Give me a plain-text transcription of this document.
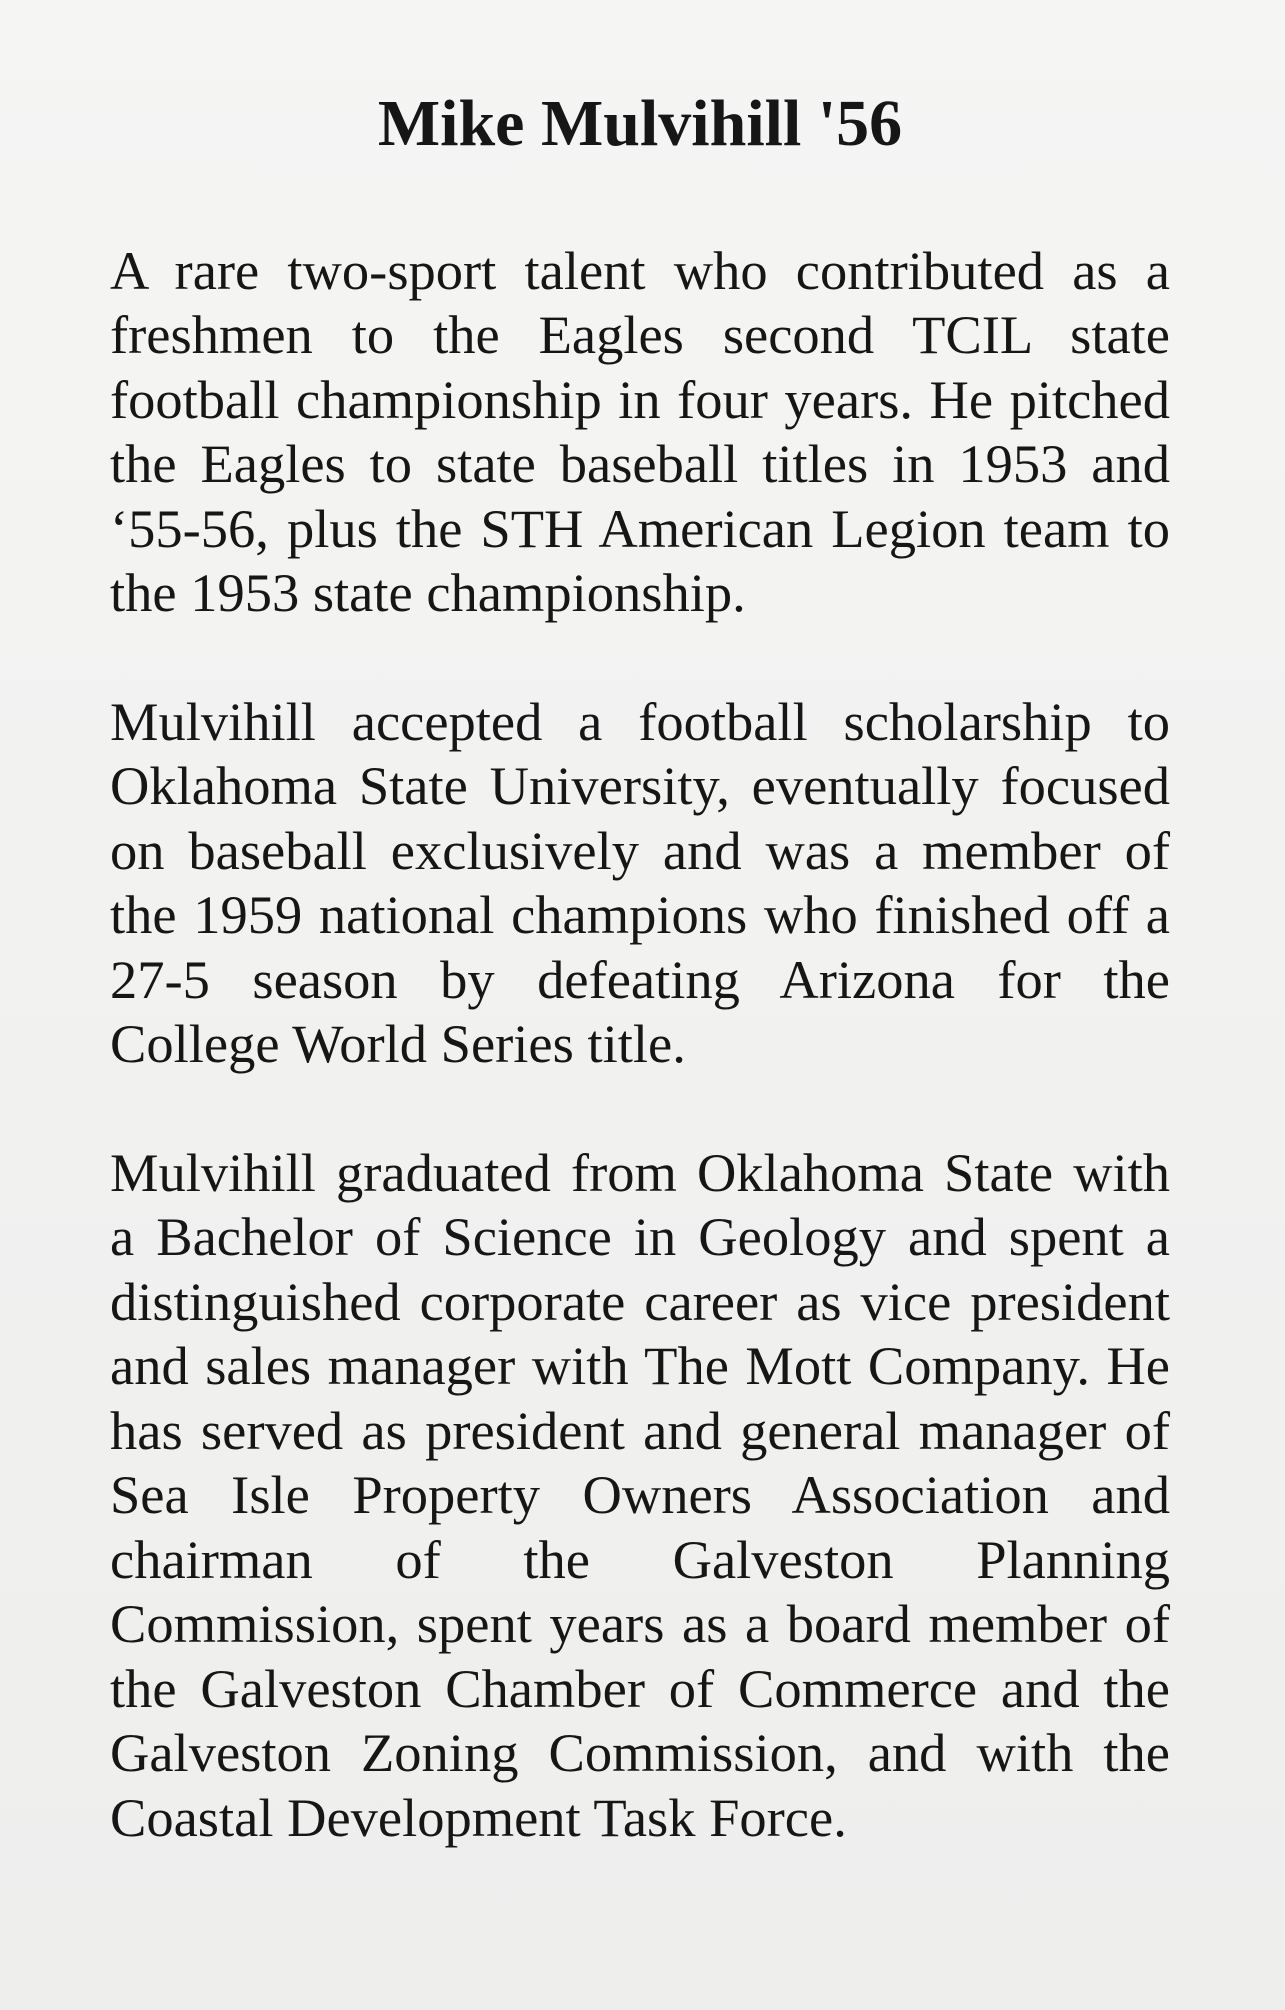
Mike Mulvihill '56

A rare two-sport talent who contributed as a freshmen to the Eagles second TCIL state football championship in four years. He pitched the Eagles to state baseball titles in 1953 and ‘55-56, plus the STH American Legion team to the 1953 state championship.

Mulvihill accepted a football scholarship to Oklahoma State University, eventually focused on baseball exclusively and was a member of the 1959 national champions who finished off a 27-5 season by defeating Arizona for the College World Series title.

Mulvihill graduated from Oklahoma State with a Bachelor of Science in Geology and spent a distinguished corporate career as vice president and sales manager with The Mott Company. He has served as president and general manager of Sea Isle Property Owners Association and chairman of the Galveston Planning Commission, spent years as a board member of the Galveston Chamber of Commerce and the Galveston Zoning Commission, and with the Coastal Development Task Force.
